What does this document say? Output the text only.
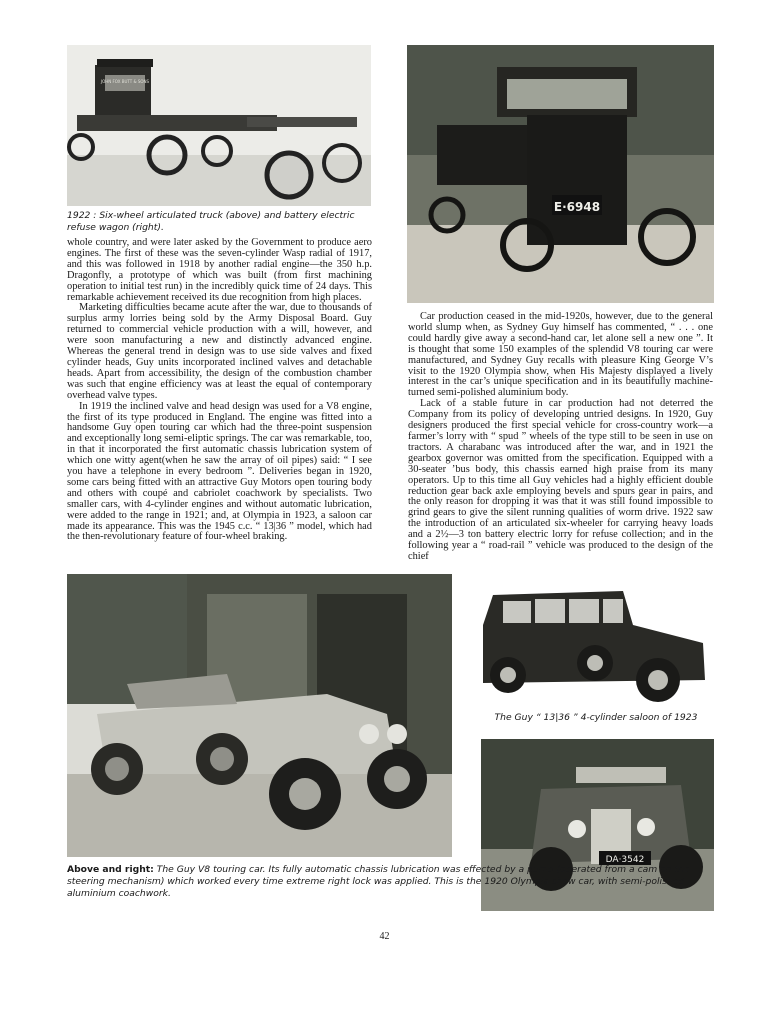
JOHN FOX BUTT & SONS
E·6948
DA·3542
1922 : Six-wheel articulated truck (above) and battery electric refuse wagon (right).
The Guy “ 13|36 ” 4-cylinder saloon of 1923
Above and right: The Guy V8 touring car. Its fully automatic chassis lubrication was effected by a pump (operated from a cam on the steering mechanism) which worked every time extreme right lock was applied. This is the 1920 Olympia show car, with semi-polished aluminium coachwork.

whole country, and were later asked by the Government to produce aero engines. The first of these was the seven-cylinder Wasp radial of 1917, and this was followed in 1918 by another radial engine—the 350 h.p. Dragonfly, a prototype of which was built (from first machining operation to initial test run) in the incredibly quick time of 24 days. This remarkable achievement received its due recognition from high places.

Marketing difficulties became acute after the war, due to thousands of surplus army lorries being sold by the Army Disposal Board. Guy returned to commercial vehicle production with a will, however, and were soon manufacturing a new and distinctly advanced engine. Whereas the general trend in design was to use side valves and fixed cylinder heads, Guy units incorporated inclined valves and detachable heads. Apart from accessibility, the design of the combustion chamber was such that engine efficiency was at least the equal of contemporary overhead valve types.

In 1919 the inclined valve and head design was used for a V8 engine, the first of its type produced in England. The engine was fitted into a handsome Guy open touring car which had the three-point suspension and exceptionally long semi-eliptic springs. The car was remarkable, too, in that it incorporated the first automatic chassis lubrication system of which one witty agent(when he saw the array of oil pipes) said: “ I see you have a telephone in every bedroom ”. Deliveries began in 1920, some cars being fitted with an attractive Guy Motors open touring body and others with coupé and cabriolet coachwork by specialists. Two smaller cars, with 4-cylinder engines and without automatic lubrication, were added to the range in 1921; and, at Olympia in 1923, a saloon car made its appearance. This was the 1945 c.c. “ 13|36 ” model, which had the then-revolutionary feature of four-wheel braking.

Car production ceased in the mid-1920s, however, due to the general world slump when, as Sydney Guy himself has commented, “ . . . one could hardly give away a second-hand car, let alone sell a new one ”. It is thought that some 150 examples of the splendid V8 touring car were manufactured, and Sydney Guy recalls with pleasure King George V’s visit to the 1920 Olympia show, when His Majesty displayed a lively interest in the car’s unique specification and in its beautifully machine-turned semi-polished aluminium body.

Lack of a stable future in car production had not deterred the Company from its policy of developing untried designs. In 1920, Guy designers produced the first special vehicle for cross-country work—a farmer’s lorry with “ spud ” wheels of the type still to be seen in use on tractors. A charabanc was introduced after the war, and in 1921 the gearbox governor was omitted from the specification. Equipped with a 30-seater ’bus body, this chassis earned high praise from its many operators. Up to this time all Guy vehicles had a highly efficient double reduction gear back axle employing bevels and spurs gear in pairs, and the only reason for dropping it was that it was still found impossible to grind gears to give the silent running qualities of worm drive. 1922 saw the introduction of an articulated six-wheeler for carrying heavy loads and a 2½—3 ton battery electric lorry for refuse collection; and in the following year a “ road-rail ” vehicle was produced to the design of the chief

42
